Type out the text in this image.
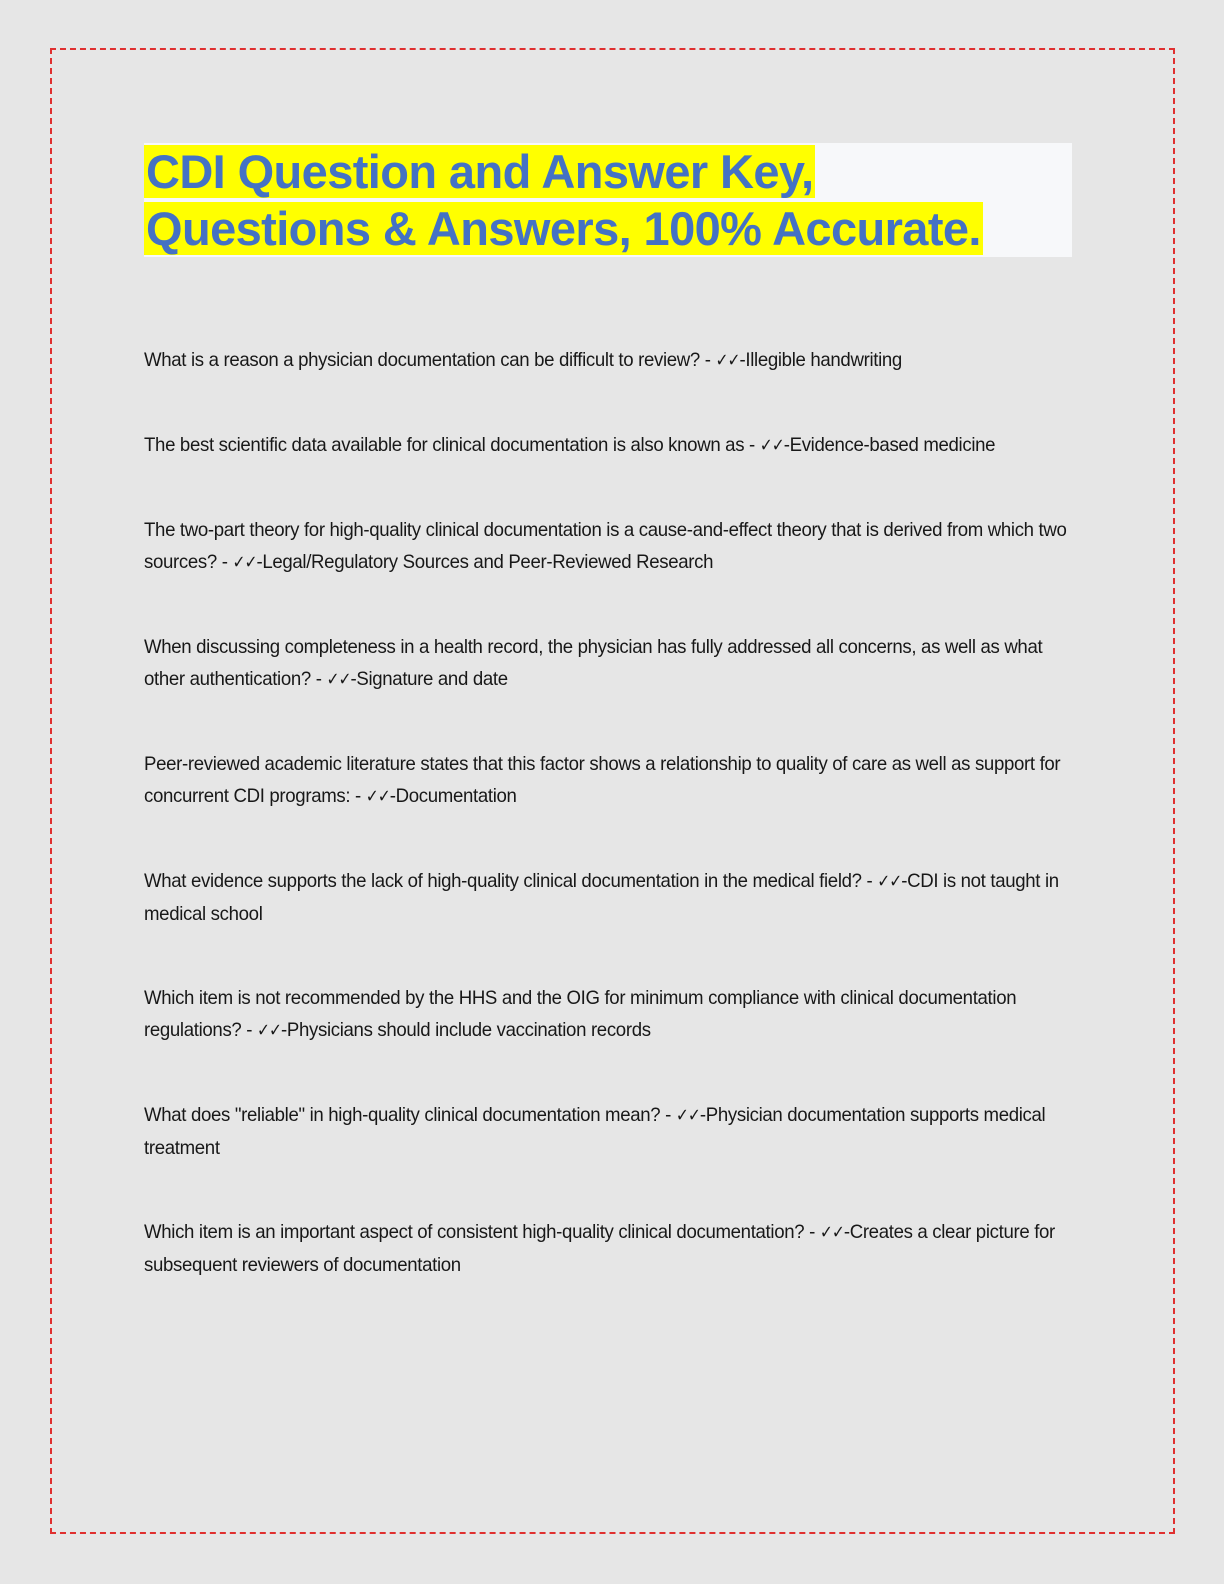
CDI Question and Answer Key,
Questions & Answers, 100% Accurate.

What is a reason a physician documentation can be difficult to review? - ✓✓-Illegible handwriting

The best scientific data available for clinical documentation is also known as - ✓✓-Evidence-based medicine

The two-part theory for high-quality clinical documentation is a cause-and-effect theory that is derived from which two sources? - ✓✓-Legal/Regulatory Sources and Peer-Reviewed Research

When discussing completeness in a health record, the physician has fully addressed all concerns, as well as what other authentication? - ✓✓-Signature and date

Peer-reviewed academic literature states that this factor shows a relationship to quality of care as well as support for concurrent CDI programs: - ✓✓-Documentation

What evidence supports the lack of high-quality clinical documentation in the medical field? - ✓✓-CDI is not taught in medical school

Which item is not recommended by the HHS and the OIG for minimum compliance with clinical documentation regulations? - ✓✓-Physicians should include vaccination records

What does "reliable" in high-quality clinical documentation mean? - ✓✓-Physician documentation supports medical treatment

Which item is an important aspect of consistent high-quality clinical documentation? - ✓✓-Creates a clear picture for subsequent reviewers of documentation
